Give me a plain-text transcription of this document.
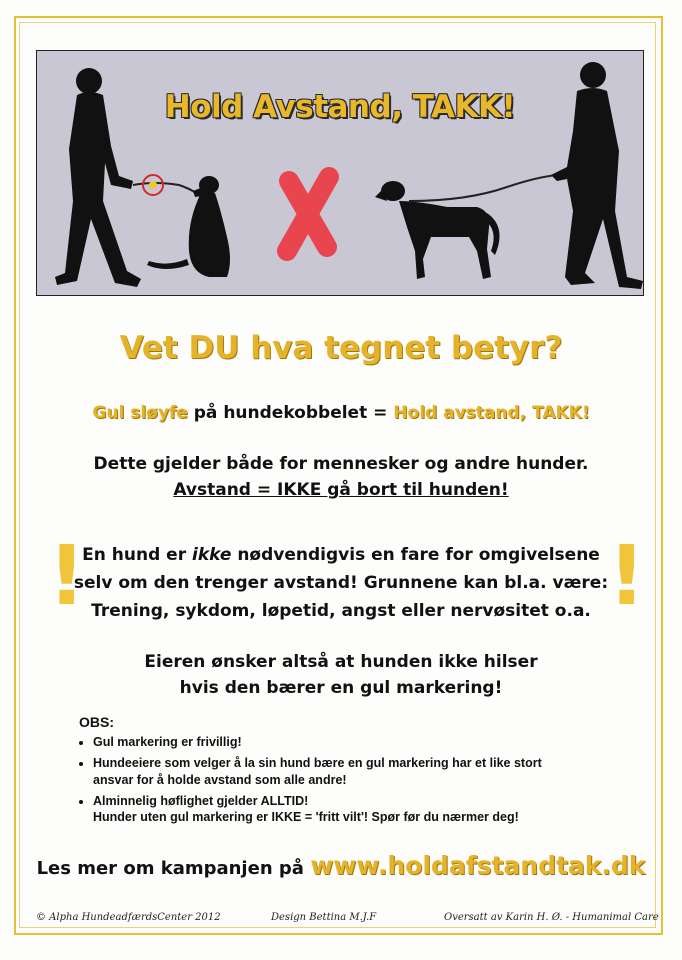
Hold Avstand, TAKK!
Vet DU hva tegnet betyr?
Gul sløyfe på hundekobbelet = Hold avstand, TAKK!
Dette gjelder både for mennesker og andre hunder.
Avstand = IKKE gå bort til hunden!
!	!
En hund er ikke nødvendigvis en fare for omgivelsene
selv om den trenger avstand! Grunnene kan bl.a. være:
Trening, sykdom, løpetid, angst eller nervøsitet o.a.
Eieren ønsker altså at hunden ikke hilser
hvis den bærer en gul markering!
OBS:
• Gul markering er frivillig!
• Hundeeiere som velger å la sin hund bære en gul markering har et like stort
ansvar for å holde avstand som alle andre!
• Alminnelig høflighet gjelder ALLTID!
Hunder uten gul markering er IKKE = 'fritt vilt'! Spør før du nærmer deg!
Les mer om kampanjen på www.holdafstandtak.dk
© Alpha HundeadfærdsCenter 2012	Design Bettina M.J.F	Oversatt av Karin H. Ø. - Humanimal Care
